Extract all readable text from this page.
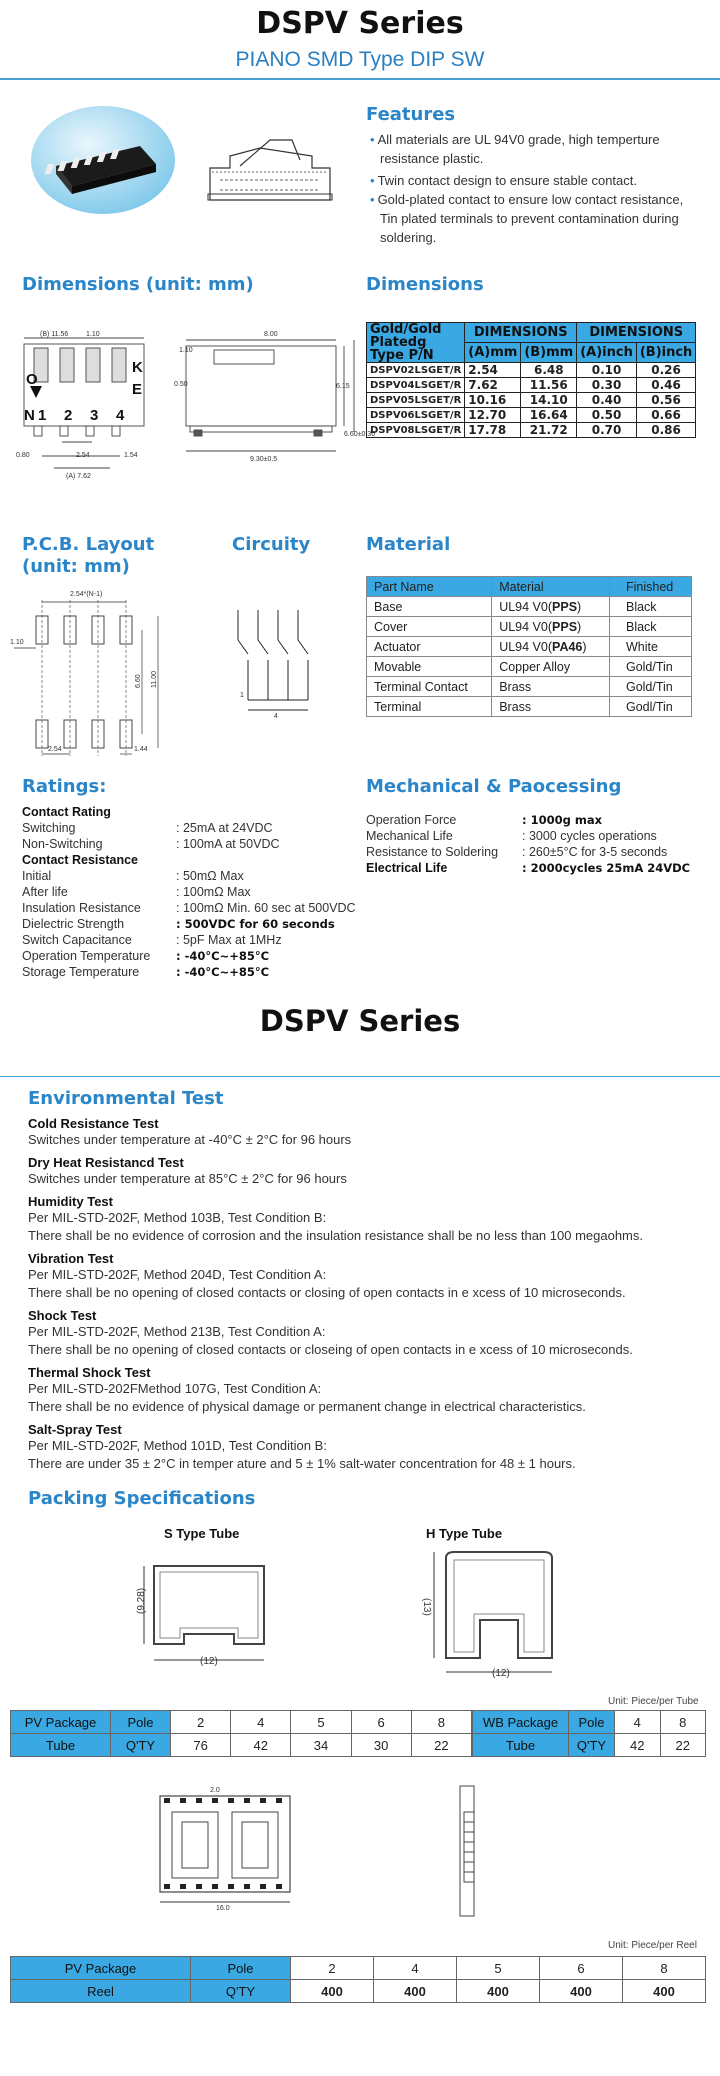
DSPV Series
PIANO SMD Type DIP SW
Features
• All materials are UL 94V0 grade, high temperture resistance plastic.
• Twin contact design to ensure stable contact.
• Gold-plated contact to ensure low contact resistance, Tin plated terminals to prevent contamination during soldering.
Dimensions (unit: mm)
(B) 11.56	1.10
0.80	2.54	1.54
(A) 7.62
1.10
8.00
0.50	6.15
6.60±0.30
9.30±0.5
O
N 1 2 3 4
K
E
Dimensions
Gold/Gold Platedg Type P/N	DIMENSIONS		DIMENSIONS	
	(A)mm	(B)mm	(A)inch	(B)inch
DSPV02LSGET/R	2.54	6.48	0.10	0.26
DSPV04LSGET/R	7.62	11.56	0.30	0.46
DSPV05LSGET/R	10.16	14.10	0.40	0.56
DSPV06LSGET/R	12.70	16.64	0.50	0.66
DSPV08LSGET/R	17.78	21.72	0.70	0.86
P.C.B. Layout (unit: mm)
2.54*(N-1)
1.10
6.60 11.00
2.54	1.44
Circuity
1
4
Material
Part Name	Material	Finished
Base	UL94 V0(PPS)	Black
Cover	UL94 V0(PPS)	Black
Actuator	UL94 V0(PA46)	White
Movable	Copper Alloy	Gold/Tin
Terminal Contact	Brass	Gold/Tin
Terminal	Brass	Godl/Tin
Ratings:
Contact Rating
Switching	: 25mA at 24VDC
Non-Switching	: 100mA at 50VDC
Contact Resistance
Initial	: 50mΩ Max
After life	: 100mΩ Max
Insulation Resistance	: 100mΩ Min. 60 sec at 500VDC
Dielectric Strength	: 500VDC for 60 seconds
Switch Capacitance	: 5pF Max at 1MHz
Operation Temperature	: -40°C~+85°C
Storage Temperature	: -40°C~+85°C
Mechanical & Paocessing
Operation Force	: 1000g max
Mechanical Life	: 3000 cycles operations
Resistance to Soldering	: 260±5°C for 3-5 seconds
Electrical Life	: 2000cycles 25mA 24VDC
DSPV Series
Environmental Test
Cold Resistance Test
Switches under temperature at -40°C ± 2°C for 96 hours
Dry Heat Resistancd Test
Switches under temperature at 85°C ± 2°C for 96 hours
Humidity Test
Per MIL-STD-202F, Method 103B, Test Condition B:
There shall be no evidence of corrosion and the insulation resistance shall be no less than 100 megaohms.
Vibration Test
Per MIL-STD-202F, Method 204D, Test Condition A:
There shall be no opening of closed contacts or closing of open contacts in e xcess of 10 microseconds.
Shock Test
Per MIL-STD-202F, Method 213B, Test Condition A:
There shall be no opening of closed contacts or closeing of open contacts in e xcess of 10 microseconds.
Thermal Shock Test
Per MIL-STD-202FMethod 107G, Test Condition A:
There shall be no evidence of physical damage or permanent change in electrical characteristics.
Salt-Spray Test
Per MIL-STD-202F, Method 101D, Test Condition B:
There are under 35 ± 2°C in temper ature and 5 ± 1% salt-water concentration for 48 ± 1 hours.
Packing Specifications
S Type Tube	H Type Tube
(9.28)
(12)
(13)
(12)
Unit: Piece/per Tube
PV Package	Pole	2	4	5	6	8
Tube	Q'TY	76	42	34	30	22
WB Package	Pole	4	8
Tube	Q'TY	42	22
2.0
16.0
Unit: Piece/per Reel
PV Package	Pole	2	4	5	6	8
Reel	Q'TY	400	400	400	400	400
